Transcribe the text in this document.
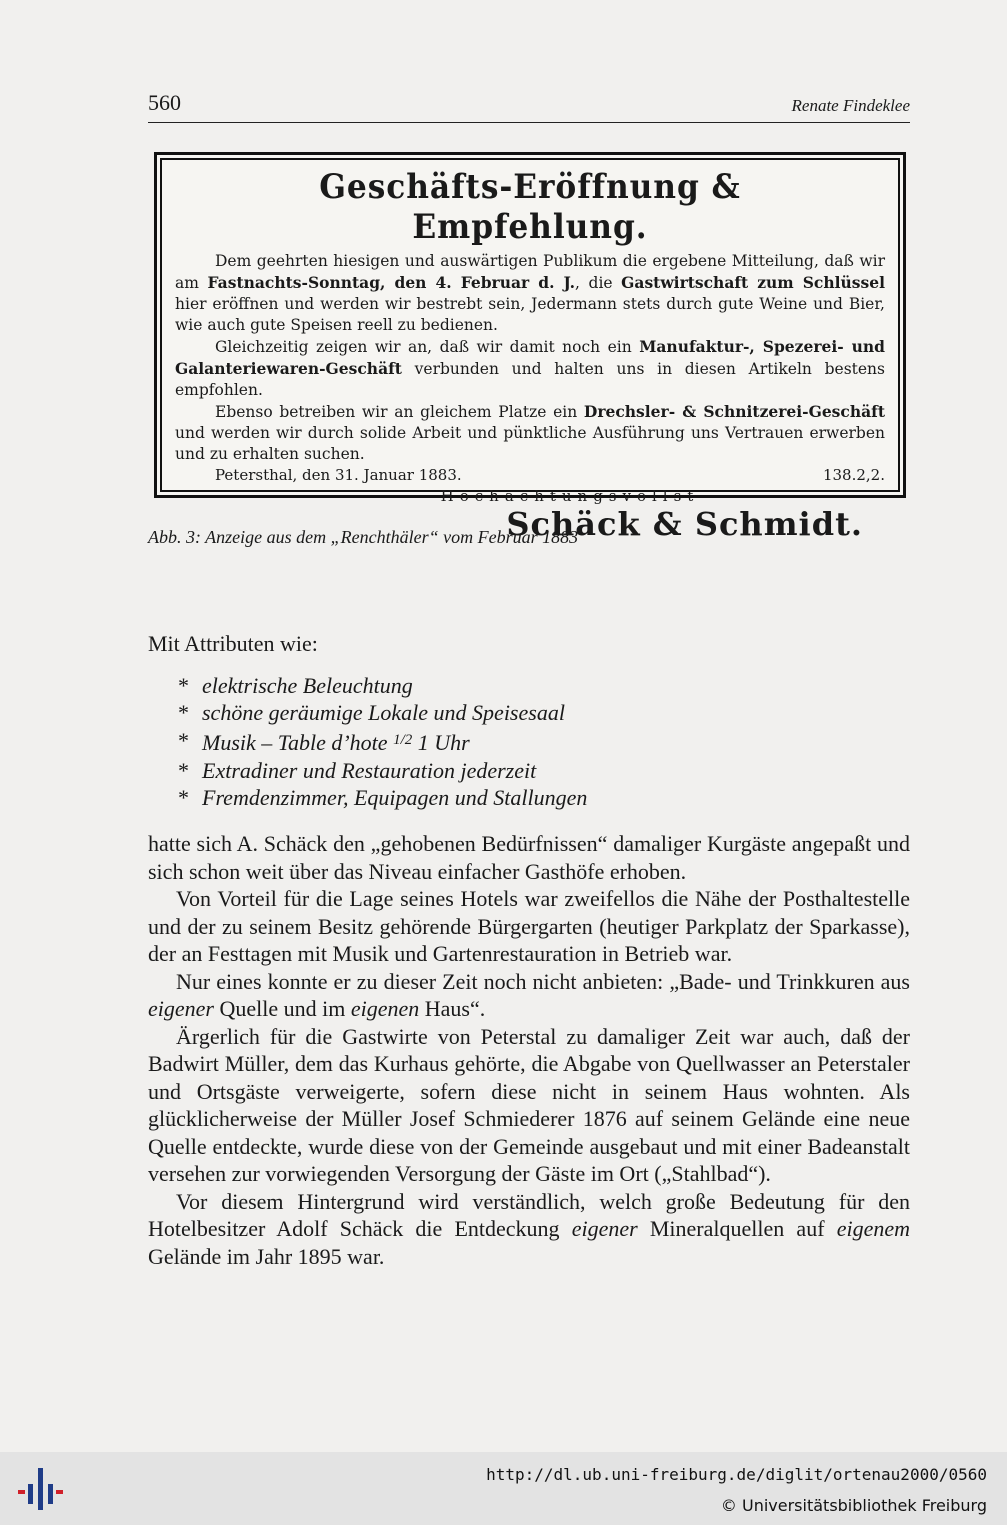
560	Renate Findeklee
Geschäfts-Eröffnung & Empfehlung.

Dem geehrten hiesigen und auswärtigen Publikum die ergebene Mitteilung, daß wir am Fastnachts-Sonntag, den 4. Februar d. J., die Gastwirtschaft zum Schlüssel hier eröffnen und werden wir bestrebt sein, Jedermann stets durch gute Weine und Bier, wie auch gute Speisen reell zu bedienen.

Gleichzeitig zeigen wir an, daß wir damit noch ein Manufaktur-, Spezerei- und Galanteriewaren-Geschäft verbunden und halten uns in diesen Artikeln bestens empfohlen.

Ebenso betreiben wir an gleichem Platze ein Drechsler- & Schnitzerei-Geschäft und werden wir durch solide Arbeit und pünktliche Ausführung uns Vertrauen erwerben und zu erhalten suchen.

Petersthal, den 31. Januar 1883.	138.2,2.
Hochachtungsvollst
Schäck & Schmidt.
Abb. 3: Anzeige aus dem „Renchthäler“ vom Februar 1883

Mit Attributen wie:

* elektrische Beleuchtung
* schöne geräumige Lokale und Speisesaal
* Musik – Table d’hote $^{1/2}$ 1 Uhr
* Extradiner und Restauration jederzeit
* Fremdenzimmer, Equipagen und Stallungen

hatte sich A. Schäck den „gehobenen Bedürfnissen“ damaliger Kurgäste angepaßt und sich schon weit über das Niveau einfacher Gasthöfe erhoben.

Von Vorteil für die Lage seines Hotels war zweifellos die Nähe der Posthaltestelle und der zu seinem Besitz gehörende Bürgergarten (heutiger Parkplatz der Sparkasse), der an Festtagen mit Musik und Gartenrestauration in Betrieb war.

Nur eines konnte er zu dieser Zeit noch nicht anbieten: „Bade- und Trinkkuren aus eigener Quelle und im eigenen Haus“.

Ärgerlich für die Gastwirte von Peterstal zu damaliger Zeit war auch, daß der Badwirt Müller, dem das Kurhaus gehörte, die Abgabe von Quellwasser an Peterstaler und Ortsgäste verweigerte, sofern diese nicht in seinem Haus wohnten. Als glücklicherweise der Müller Josef Schmiederer 1876 auf seinem Gelände eine neue Quelle entdeckte, wurde diese von der Gemeinde ausgebaut und mit einer Badeanstalt versehen zur vorwiegenden Versorgung der Gäste im Ort („Stahlbad“).

Vor diesem Hintergrund wird verständlich, welch große Bedeutung für den Hotelbesitzer Adolf Schäck die Entdeckung eigener Mineralquellen auf eigenem Gelände im Jahr 1895 war.

http://dl.ub.uni-freiburg.de/diglit/ortenau2000/0560
© Universitätsbibliothek Freiburg
